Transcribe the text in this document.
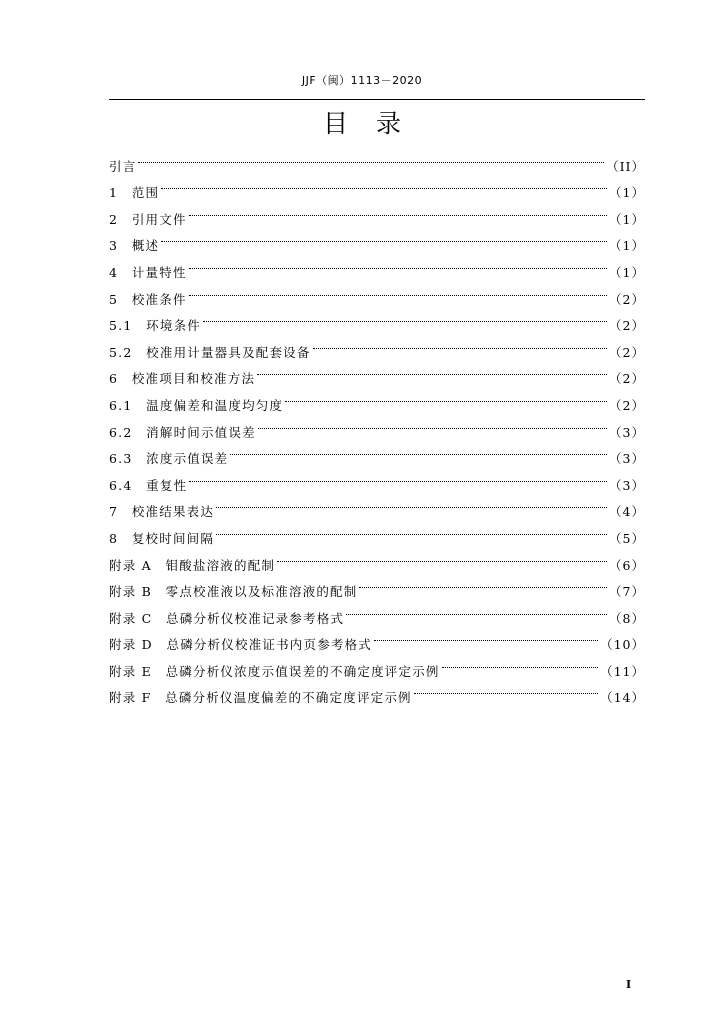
JJF（闽）1113－2020
目 录
引言	（II）
1　范围	（1）
2　引用文件	（1）
3　概述	（1）
4　计量特性	（1）
5　校准条件	（2）
5.1　环境条件	（2）
5.2　校准用计量器具及配套设备	（2）
6　校准项目和校准方法	（2）
6.1　温度偏差和温度均匀度	（2）
6.2　消解时间示值误差	（3）
6.3　浓度示值误差	（3）
6.4　重复性	（3）
7　校准结果表达	（4）
8　复校时间间隔	（5）
附录 A　钼酸盐溶液的配制	（6）
附录 B　零点校准液以及标准溶液的配制	（7）
附录 C　总磷分析仪校准记录参考格式	（8）
附录 D　总磷分析仪校准证书内页参考格式	（10）
附录 E　总磷分析仪浓度示值误差的不确定度评定示例	（11）
附录 F　总磷分析仪温度偏差的不确定度评定示例	（14）
I
